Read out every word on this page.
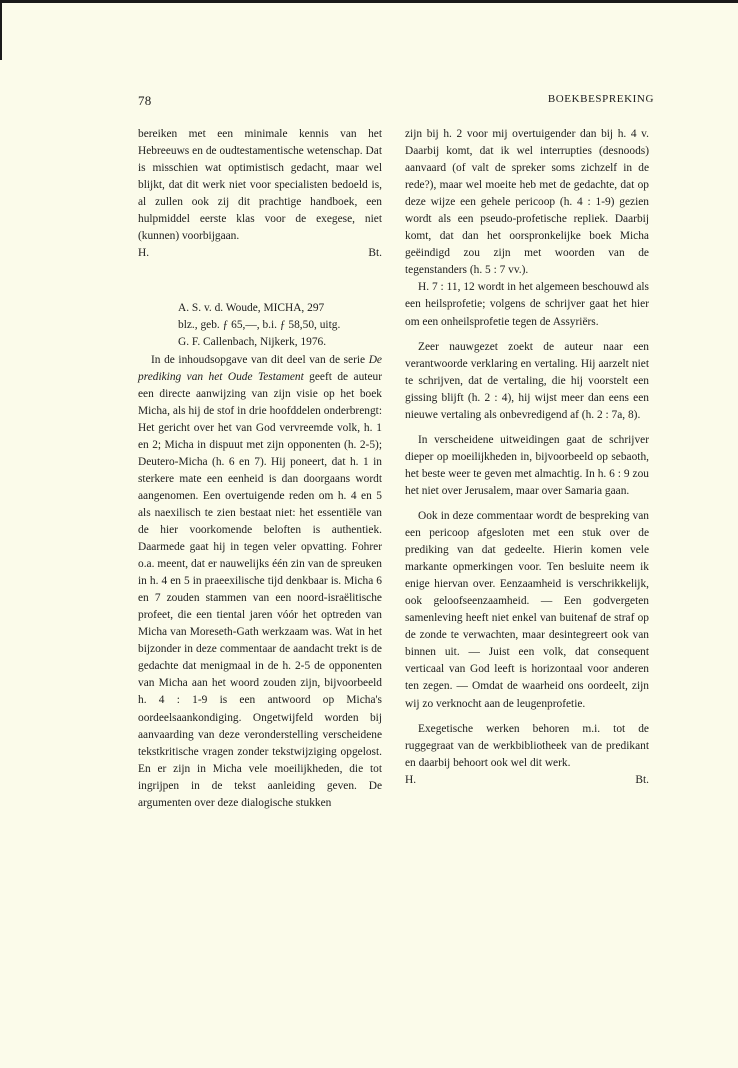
78	BOEKBESPREKING

bereiken met een minimale kennis van het Hebreeuws en de oudtestamentische wetenschap. Dat is misschien wat optimistisch gedacht, maar wel blijkt, dat dit werk niet voor specialisten bedoeld is, al zullen ook zij dit prachtige handboek, een hulpmiddel eerste klas voor de exegese, niet (kunnen) voorbijgaan.

H.	Bt.

A. S. v. d. Woude, MICHA, 297

blz., geb. ƒ 65,—, b.i. ƒ 58,50, uitg.

G. F. Callenbach, Nijkerk, 1976.

In de inhoudsopgave van dit deel van de serie De prediking van het Oude Testament geeft de auteur een directe aanwijzing van zijn visie op het boek Micha, als hij de stof in drie hoofddelen onderbrengt: Het gericht over het van God vervreemde volk, h. 1 en 2; Micha in dispuut met zijn opponenten (h. 2-5); Deutero-Micha (h. 6 en 7). Hij poneert, dat h. 1 in sterkere mate een eenheid is dan doorgaans wordt aangenomen. Een overtuigende reden om h. 4 en 5 als naexilisch te zien bestaat niet: het essentiële van de hier voorkomende beloften is authentiek. Daarmede gaat hij in tegen veler opvatting. Fohrer o.a. meent, dat er nauwelijks één zin van de spreuken in h. 4 en 5 in praeexilische tijd denkbaar is. Micha 6 en 7 zouden stammen van een noord-israëlitische profeet, die een tiental jaren vóór het optreden van Micha van Moreseth-Gath werkzaam was. Wat in het bijzonder in deze commentaar de aandacht trekt is de gedachte dat menigmaal in de h. 2-5 de opponenten van Micha aan het woord zouden zijn, bijvoorbeeld h. 4 : 1-9 is een antwoord op Micha's oordeelsaankondiging. Ongetwijfeld worden bij aanvaarding van deze veronderstelling verscheidene tekstkritische vragen zonder tekstwijziging opgelost. En er zijn in Micha vele moeilijkheden, die tot ingrijpen in de tekst aanleiding geven. De argumenten over deze dialogische stukken

zijn bij h. 2 voor mij overtuigender dan bij h. 4 v. Daarbij komt, dat ik wel interrupties (desnoods) aanvaard (of valt de spreker soms zichzelf in de rede?), maar wel moeite heb met de gedachte, dat op deze wijze een gehele pericoop (h. 4 : 1-9) gezien wordt als een pseudo-profetische repliek. Daarbij komt, dat dan het oorspronkelijke boek Micha geëindigd zou zijn met woorden van de tegenstanders (h. 5 : 7 vv.).

H. 7 : 11, 12 wordt in het algemeen beschouwd als een heilsprofetie; volgens de schrijver gaat het hier om een onheilsprofetie tegen de Assyriërs.

Zeer nauwgezet zoekt de auteur naar een verantwoorde verklaring en vertaling. Hij aarzelt niet te schrijven, dat de vertaling, die hij voorstelt een gissing blijft (h. 2 : 4), hij wijst meer dan eens een nieuwe vertaling als onbevredigend af (h. 2 : 7a, 8).

In verscheidene uitweidingen gaat de schrijver dieper op moeilijkheden in, bijvoorbeeld op sebaoth, het beste weer te geven met almachtig. In h. 6 : 9 zou het niet over Jerusalem, maar over Samaria gaan.

Ook in deze commentaar wordt de bespreking van een pericoop afgesloten met een stuk over de prediking van dat gedeelte. Hierin komen vele markante opmerkingen voor. Ten besluite neem ik enige hiervan over. Eenzaamheid is verschrikkelijk, ook geloofseenzaamheid. — Een godvergeten samenleving heeft niet enkel van buitenaf de straf op de zonde te verwachten, maar desintegreert ook van binnen uit. — Juist een volk, dat consequent verticaal van God leeft is horizontaal voor anderen ten zegen. — Omdat de waarheid ons oordeelt, zijn wij zo verknocht aan de leugenprofetie.

Exegetische werken behoren m.i. tot de ruggegraat van de werkbibliotheek van de predikant en daarbij behoort ook wel dit werk.

H.	Bt.
